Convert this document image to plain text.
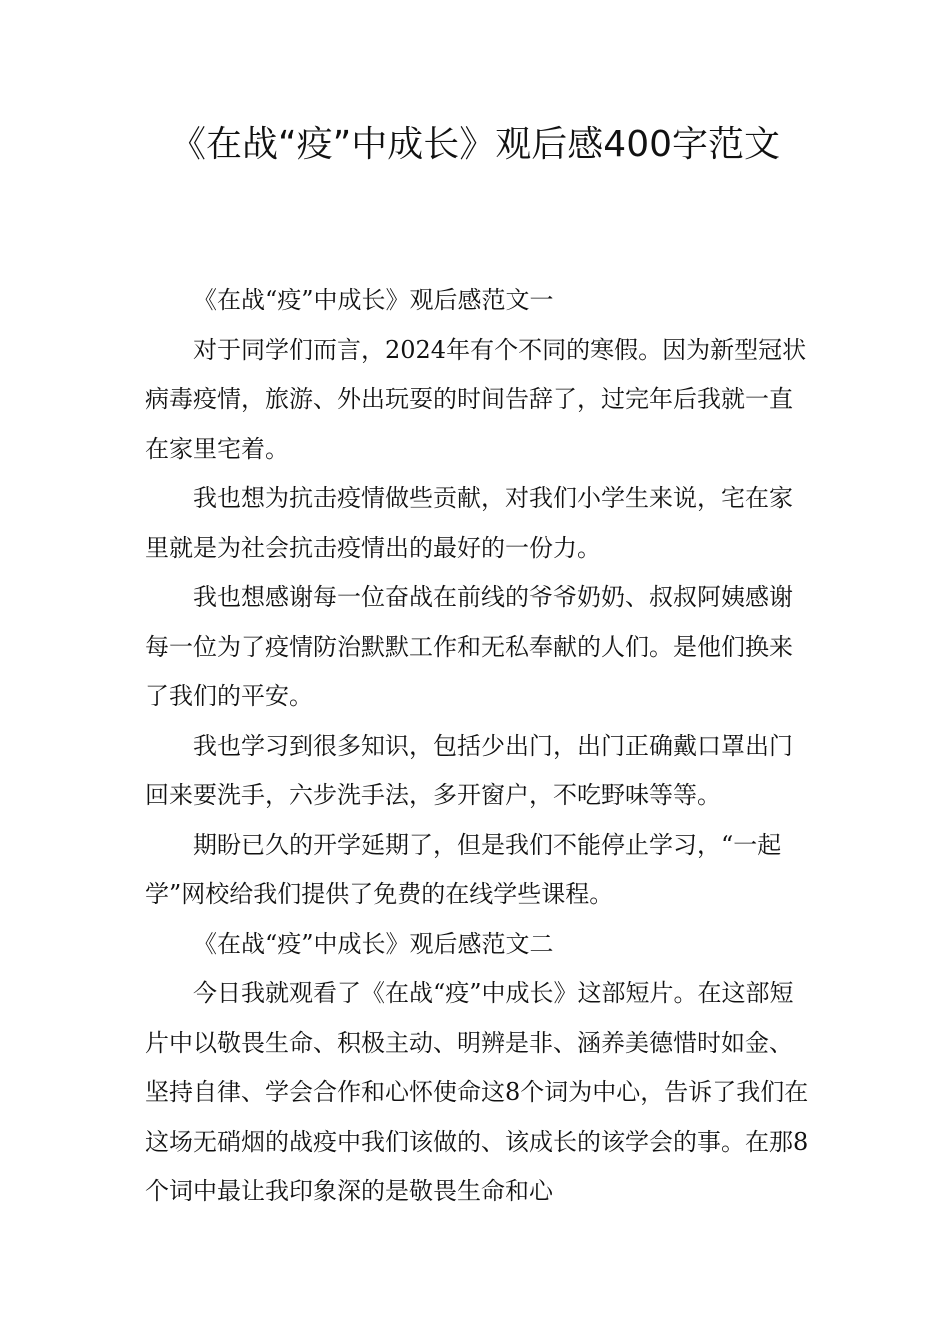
《在战“疫”中成长》观后感400字范文

《在战“疫”中成长》观后感范文一

对于同学们而言，2024年有个不同的寒假。因为新型冠状病毒疫情，旅游、外出玩耍的时间告辞了，过完年后我就一直在家里宅着。

我也想为抗击疫情做些贡献，对我们小学生来说，宅在家里就是为社会抗击疫情出的最好的一份力。

我也想感谢每一位奋战在前线的爷爷奶奶、叔叔阿姨感谢每一位为了疫情防治默默工作和无私奉献的人们。是他们换来了我们的平安。

我也学习到很多知识，包括少出门，出门正确戴口罩出门回来要洗手，六步洗手法，多开窗户，不吃野味等等。

期盼已久的开学延期了，但是我们不能停止学习，“一起学”网校给我们提供了免费的在线学些课程。

《在战“疫”中成长》观后感范文二

今日我就观看了《在战“疫”中成长》这部短片。在这部短片中以敬畏生命、积极主动、明辨是非、涵养美德惜时如金、坚持自律、学会合作和心怀使命这8个词为中心，告诉了我们在这场无硝烟的战疫中我们该做的、该成长的该学会的事。在那8个词中最让我印象深的是敬畏生命和心
